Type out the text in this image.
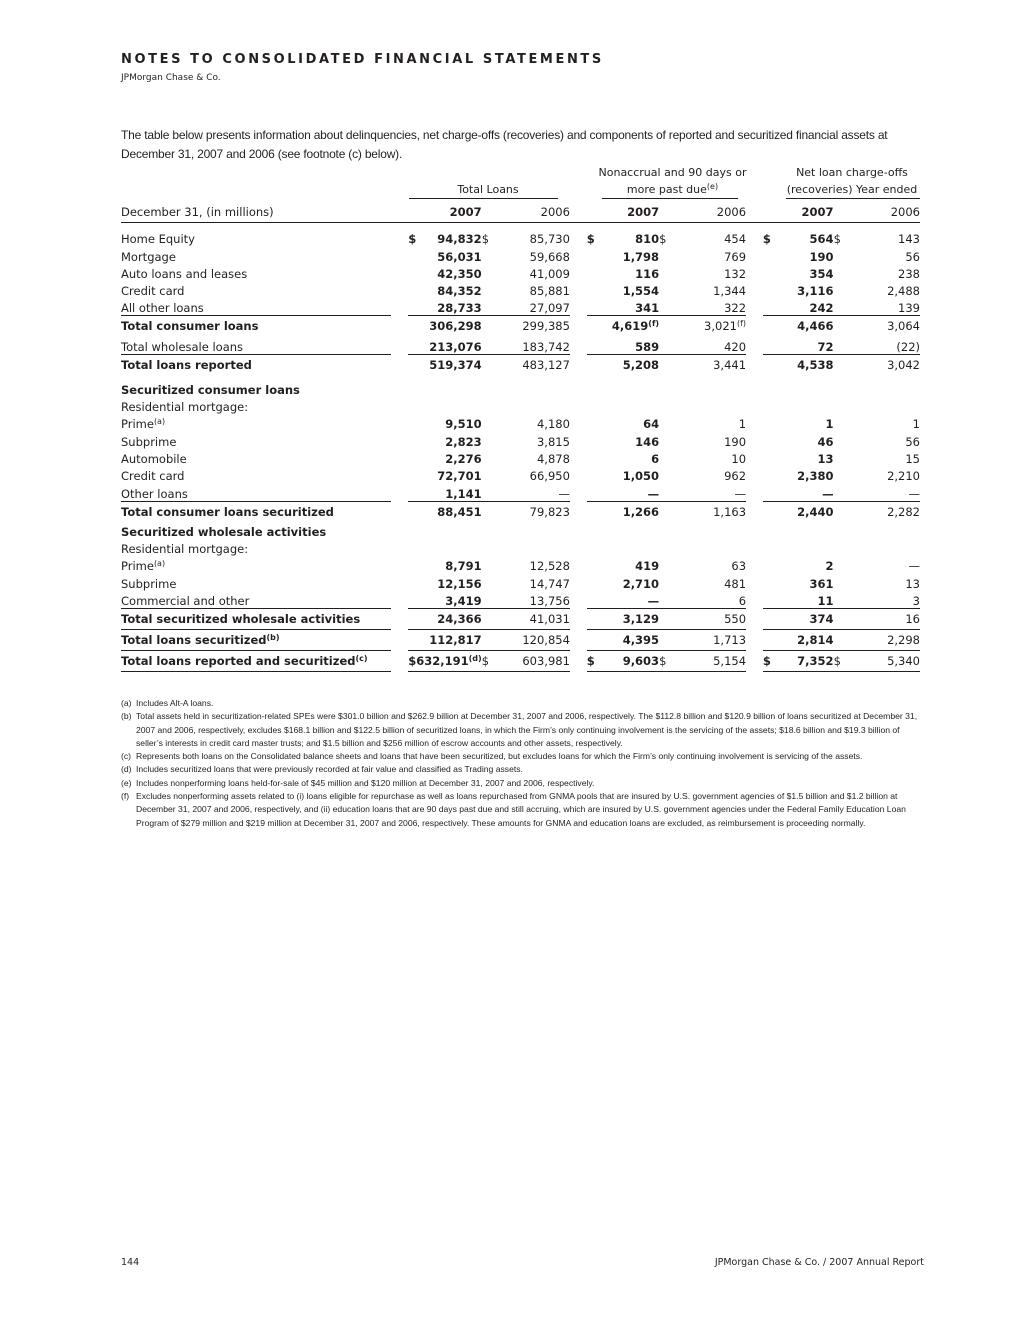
NOTES TO CONSOLIDATED FINANCIAL STATEMENTS
JPMorgan Chase & Co.
The table below presents information about delinquencies, net charge-offs (recoveries) and components of reported and securitized financial assets at December 31, 2007 and 2006 (see footnote (c) below).
Total Loans
Nonaccrual and 90 days or
more past due$^{(e)}$
Net loan charge-offs
(recoveries) Year ended
December 31, (in millions)		2007	2006		2007	2006		2007	2006

Home Equity		$ 94,832	$ 85,730		$ 810	$ 454		$ 564	$ 143
Mortgage		56,031	59,668		1,798	769		190	56
Auto loans and leases		42,350	41,009		116	132		354	238
Credit card		84,352	85,881		1,554	1,344		3,116	2,488
All other loans		28,733	27,097		341	322		242	139
Total consumer loans		306,298	299,385		4,619$^{(f)}$	3,021$^{(f)}$		4,466	3,064
Total wholesale loans		213,076	183,742		589	420		72	(22)
Total loans reported		519,374	483,127		5,208	3,441		4,538	3,042
Securitized consumer loans									
Residential mortgage:									
Prime$^{(a)}$		9,510	4,180		64	1		1	1
Subprime		2,823	3,815		146	190		46	56
Automobile		2,276	4,878		6	10		13	15
Credit card		72,701	66,950		1,050	962		2,380	2,210
Other loans		1,141	—		—	—		—	—
Total consumer loans securitized		88,451	79,823		1,266	1,163		2,440	2,282
Securitized wholesale activities									
Residential mortgage:									
Prime$^{(a)}$		8,791	12,528		419	63		2	—
Subprime		12,156	14,747		2,710	481		361	13
Commercial and other		3,419	13,756		—	6		11	3
Total securitized wholesale activities		24,366	41,031		3,129	550		374	16
Total loans securitized$^{(b)}$		112,817	120,854		4,395	1,713		2,814	2,298
Total loans reported and securitized$^{(c)}$		$ 632,191$^{(d)}$	$ 603,981		$ 9,603	$ 5,154		$ 7,352	$ 5,340
(a) Includes Alt-A loans.
(b) Total assets held in securitization-related SPEs were $301.0 billion and $262.9 billion at December 31, 2007 and 2006, respectively. The $112.8 billion and $120.9 billion of loans securitized at December 31, 2007 and 2006, respectively, excludes $168.1 billion and $122.5 billion of securitized loans, in which the Firm’s only continuing involvement is the servicing of the assets; $18.6 billion and $19.3 billion of seller’s interests in credit card master trusts; and $1.5 billion and $256 million of escrow accounts and other assets, respectively.
(c) Represents both loans on the Consolidated balance sheets and loans that have been securitized, but excludes loans for which the Firm’s only continuing involvement is servicing of the assets.
(d) Includes securitized loans that were previously recorded at fair value and classified as Trading assets.
(e) Includes nonperforming loans held-for-sale of $45 million and $120 million at December 31, 2007 and 2006, respectively.
(f) Excludes nonperforming assets related to (i) loans eligible for repurchase as well as loans repurchased from GNMA pools that are insured by U.S. government agencies of $1.5 billion and $1.2 billion at December 31, 2007 and 2006, respectively, and (ii) education loans that are 90 days past due and still accruing, which are insured by U.S. government agencies under the Federal Family Education Loan Program of $279 million and $219 million at December 31, 2007 and 2006, respectively. These amounts for GNMA and education loans are excluded, as reimbursement is proceeding normally.
144	JPMorgan Chase & Co. / 2007 Annual Report
